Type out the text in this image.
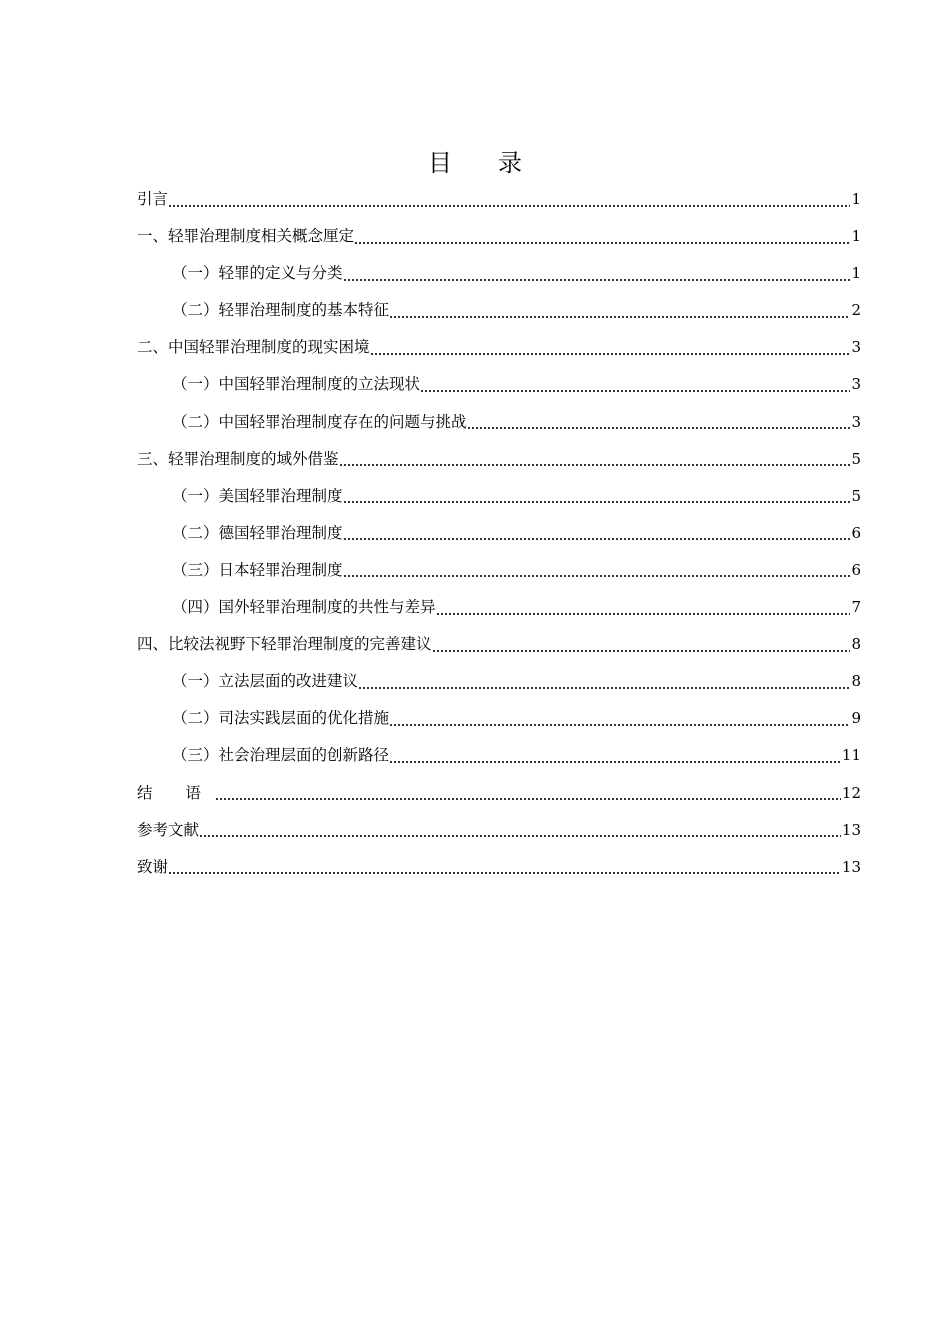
目 录
引言	1
一、轻罪治理制度相关概念厘定	1
（一）轻罪的定义与分类	1
（二）轻罪治理制度的基本特征	2
二、中国轻罪治理制度的现实困境	3
（一）中国轻罪治理制度的立法现状	3
（二）中国轻罪治理制度存在的问题与挑战	3
三、轻罪治理制度的域外借鉴	5
（一）美国轻罪治理制度	5
（二）德国轻罪治理制度	6
（三）日本轻罪治理制度	6
（四）国外轻罪治理制度的共性与差异	7
四、比较法视野下轻罪治理制度的完善建议	8
（一）立法层面的改进建议	8
（二）司法实践层面的优化措施	9
（三）社会治理层面的创新路径	11
结 语	12
参考文献	13
致谢	13
